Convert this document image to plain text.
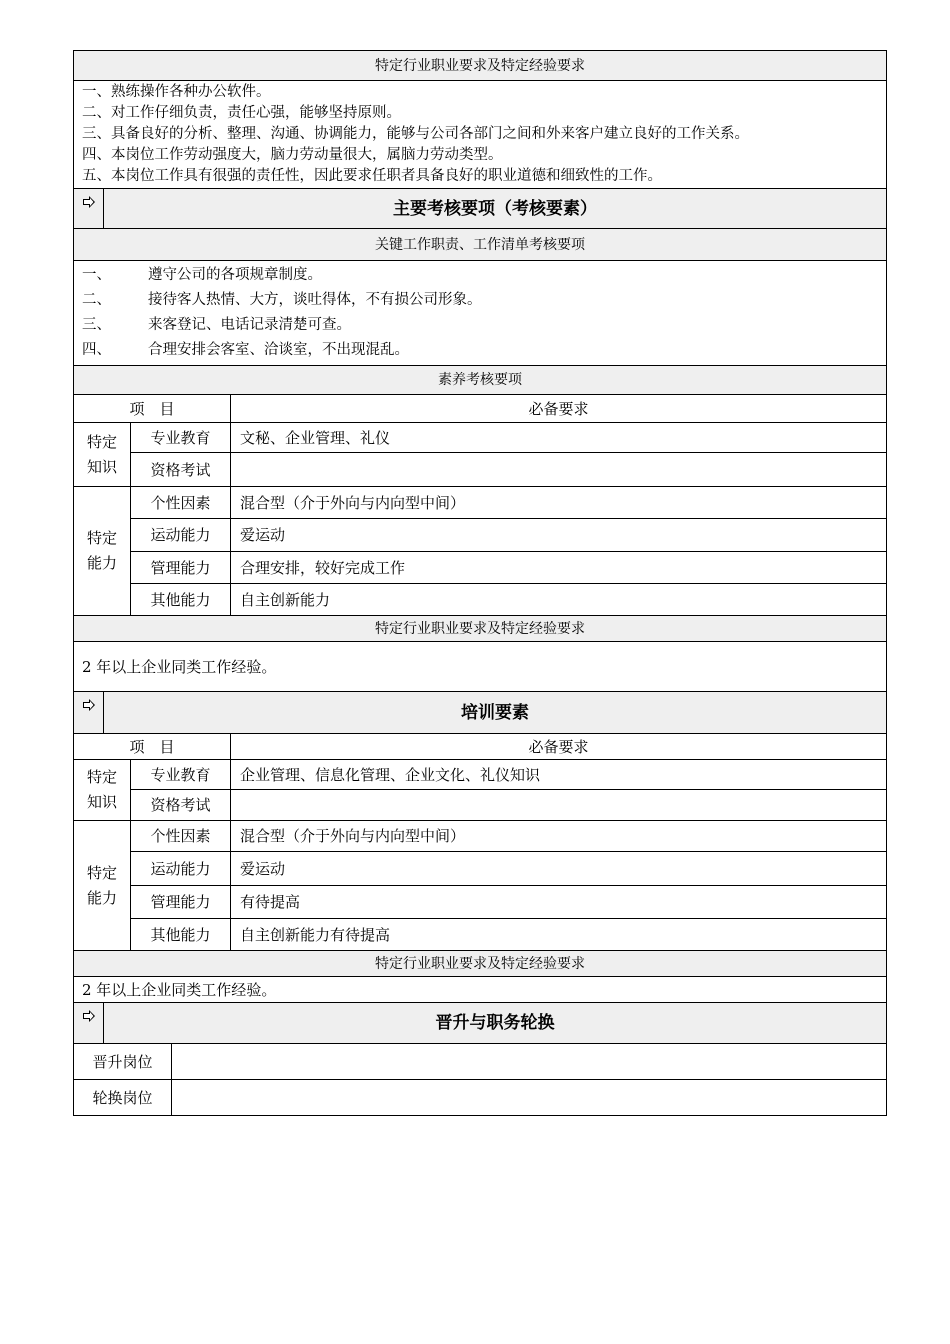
特定行业职业要求及特定经验要求			

一、熟练操作各种办公软件。
二、对工作仔细负责，责任心强，能够坚持原则。
三、具备良好的分析、整理、沟通、协调能力，能够与公司各部门之间和外来客户建立良好的工作关系。
四、本岗位工作劳动强度大，脑力劳动量很大，属脑力劳动类型。
五、本岗位工作具有很强的责任性，因此要求任职者具备良好的职业道德和细致性的工作。			

	主要考核要项（考核要素）		
关键工作职责、工作清单考核要项			

一、 遵守公司的各项规章制度。
二、 接待客人热情、大方，谈吐得体，不有损公司形象。
三、 来客登记、电话记录清楚可查。
四、 合理安排会客室、洽谈室，不出现混乱。			

素养考核要项			
项　目			必备要求
特定
知识		专业教育	文秘、企业管理、礼仪
		资格考试	
特定
能力		个性因素	混合型（介于外向与内向型中间）
		运动能力	爱运动
		管理能力	合理安排，较好完成工作
		其他能力	自主创新能力
特定行业职业要求及特定经验要求			
2 年以上企业同类工作经验。			

	培训要素		
项　目			必备要求
特定
知识		专业教育	企业管理、信息化管理、企业文化、礼仪知识
		资格考试	
特定
能力		个性因素	混合型（介于外向与内向型中间）
		运动能力	爱运动
		管理能力	有待提高
		其他能力	自主创新能力有待提高
特定行业职业要求及特定经验要求			
2 年以上企业同类工作经验。			

	晋升与职务轮换		
晋升岗位	
轮换岗位	
